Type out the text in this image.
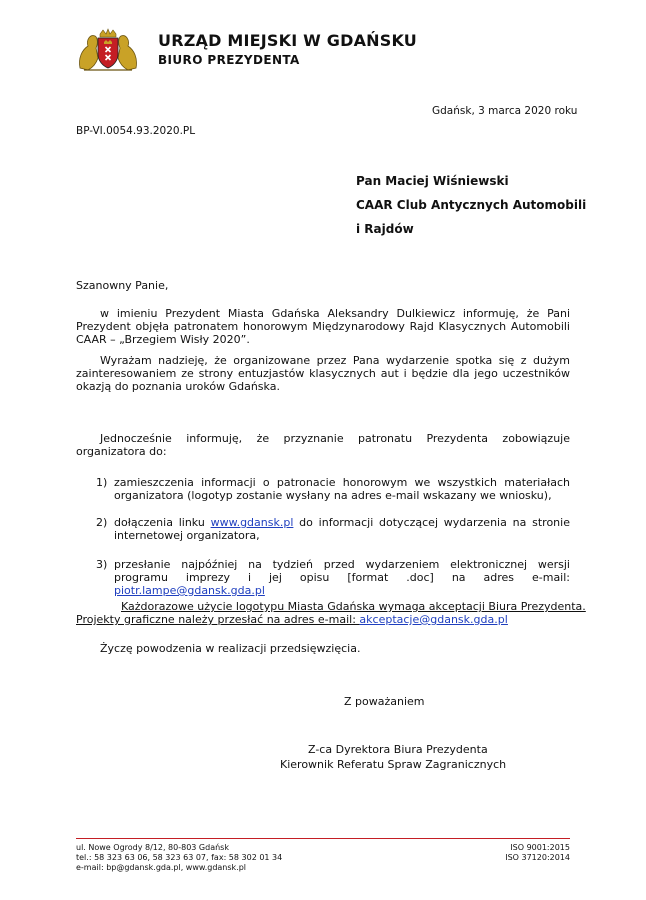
URZĄD MIEJSKI W GDAŃSKU
BIURO PREZYDENTA
Gdańsk, 3 marca 2020 roku
BP-VI.0054.93.2020.PL
Pan Maciej Wiśniewski
CAAR Club Antycznych Automobili
i Rajdów
Szanowny Panie,
w imieniu Prezydent Miasta Gdańska Aleksandry Dulkiewicz informuję, że Pani Prezydent objęła patronatem honorowym Międzynarodowy Rajd Klasycznych Automobili CAAR – „Brzegiem Wisły 2020”.
Wyrażam nadzieję, że organizowane przez Pana wydarzenie spotka się z dużym zainteresowaniem ze strony entuzjastów klasycznych aut i będzie dla jego uczestników okazją do poznania uroków Gdańska.
Jednocześnie informuję, że przyznanie patronatu Prezydenta zobowiązuje organizatora do:
1) zamieszczenia informacji o patronacie honorowym we wszystkich materiałach organizatora (logotyp zostanie wysłany na adres e-mail wskazany we wniosku),
2) dołączenia linku www.gdansk.pl do informacji dotyczącej wydarzenia na stronie internetowej organizatora,
3) przesłanie najpóźniej na tydzień przed wydarzeniem elektronicznej wersji programu imprezy i jej opisu [format .doc] na adres e-mail: piotr.lampe@gdansk.gda.pl
Każdorazowe użycie logotypu Miasta Gdańska wymaga akceptacji Biura Prezydenta.
Projekty graficzne należy przesłać na adres e-mail: akceptacje@gdansk.gda.pl
Życzę powodzenia w realizacji przedsięwzięcia.
Z poważaniem
Z-ca Dyrektora Biura Prezydenta
Kierownik Referatu Spraw Zagranicznych
ul. Nowe Ogrody 8/12, 80-803 Gdańsk
tel.: 58 323 63 06, 58 323 63 07, fax: 58 302 01 34
e-mail: bp@gdansk.gda.pl, www.gdansk.pl
ISO 9001:2015
ISO 37120:2014
